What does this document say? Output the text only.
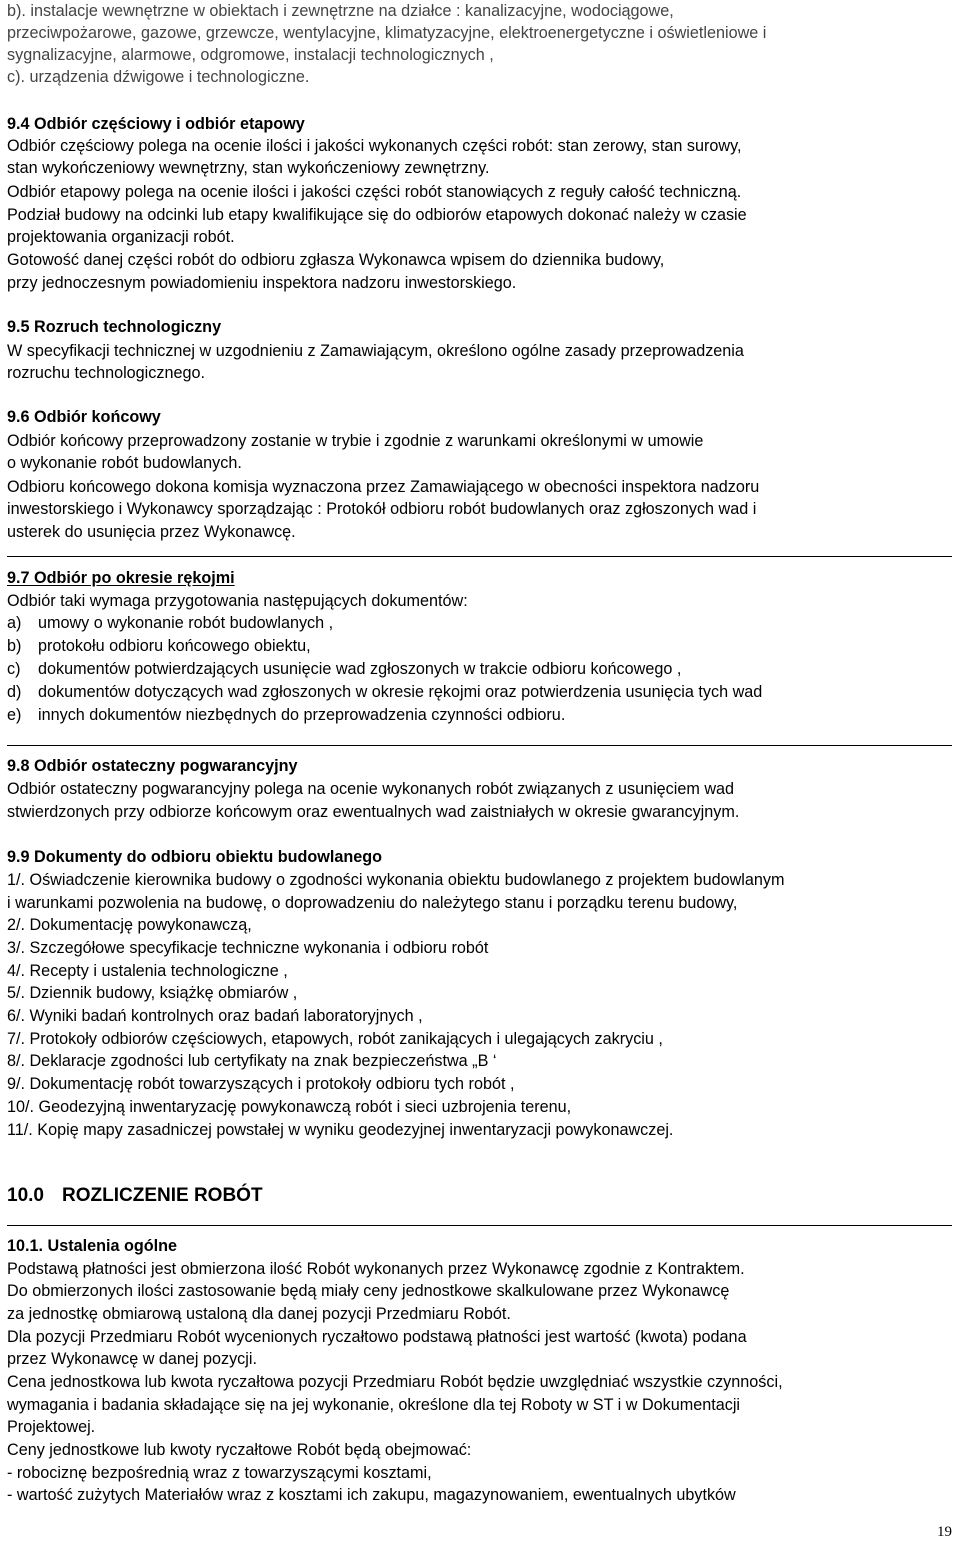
b). instalacje wewnętrzne w obiektach i zewnętrzne na działce : kanalizacyjne, wodociągowe,
przeciwpożarowe, gazowe, grzewcze, wentylacyjne, klimatyzacyjne, elektroenergetyczne i oświetleniowe i
sygnalizacyjne, alarmowe, odgromowe, instalacji technologicznych ,
c). urządzenia dźwigowe i technologiczne.
9.4 Odbiór częściowy i odbiór etapowy
Odbiór częściowy polega na ocenie ilości i jakości wykonanych części robót: stan zerowy, stan surowy,
stan wykończeniowy wewnętrzny, stan wykończeniowy zewnętrzny.
Odbiór etapowy polega na ocenie ilości i jakości części robót stanowiących z reguły całość techniczną.
Podział budowy na odcinki lub etapy kwalifikujące się do odbiorów etapowych dokonać należy w czasie
projektowania organizacji robót.
Gotowość danej części robót do odbioru zgłasza Wykonawca wpisem do dziennika budowy,
przy jednoczesnym powiadomieniu inspektora nadzoru inwestorskiego.
9.5 Rozruch technologiczny
W specyfikacji technicznej w uzgodnieniu z Zamawiającym, określono ogólne zasady przeprowadzenia
rozruchu technologicznego.
9.6 Odbiór końcowy
Odbiór końcowy przeprowadzony zostanie w trybie i zgodnie z warunkami określonymi w umowie
o wykonanie robót budowlanych.
Odbioru końcowego dokona komisja wyznaczona przez Zamawiającego w obecności inspektora nadzoru
inwestorskiego i Wykonawcy sporządzając : Protokół odbioru robót budowlanych oraz zgłoszonych wad i
usterek do usunięcia przez Wykonawcę.
9.7 Odbiór po okresie rękojmi
Odbiór taki wymaga przygotowania następujących dokumentów:
a) umowy o wykonanie robót budowlanych ,
b) protokołu odbioru końcowego obiektu,
c) dokumentów potwierdzających usunięcie wad zgłoszonych w trakcie odbioru końcowego ,
d) dokumentów dotyczących wad zgłoszonych w okresie rękojmi oraz potwierdzenia usunięcia tych wad
e) innych dokumentów niezbędnych do przeprowadzenia czynności odbioru.
9.8 Odbiór ostateczny pogwarancyjny
Odbiór ostateczny pogwarancyjny polega na ocenie wykonanych robót związanych z usunięciem wad
stwierdzonych przy odbiorze końcowym oraz ewentualnych wad zaistniałych w okresie gwarancyjnym.
9.9 Dokumenty do odbioru obiektu budowlanego
1/. Oświadczenie kierownika budowy o zgodności wykonania obiektu budowlanego z projektem budowlanym
i warunkami pozwolenia na budowę, o doprowadzeniu do należytego stanu i porządku terenu budowy,
2/. Dokumentację powykonawczą,
3/. Szczegółowe specyfikacje techniczne wykonania i odbioru robót
4/. Recepty i ustalenia technologiczne ,
5/. Dziennik budowy, książkę obmiarów ,
6/. Wyniki badań kontrolnych oraz badań laboratoryjnych ,
7/. Protokoły odbiorów częściowych, etapowych, robót zanikających i ulegających zakryciu ,
8/. Deklaracje zgodności lub certyfikaty na znak bezpieczeństwa „B ‘
9/. Dokumentację robót towarzyszących i protokoły odbioru tych robót ,
10/. Geodezyjną inwentaryzację powykonawczą robót i sieci uzbrojenia terenu,
11/. Kopię mapy zasadniczej powstałej w wyniku geodezyjnej inwentaryzacji powykonawczej.
10.0 ROZLICZENIE ROBÓT
10.1. Ustalenia ogólne
Podstawą płatności jest obmierzona ilość Robót wykonanych przez Wykonawcę zgodnie z Kontraktem.
Do obmierzonych ilości zastosowanie będą miały ceny jednostkowe skalkulowane przez Wykonawcę
za jednostkę obmiarową ustaloną dla danej pozycji Przedmiaru Robót.
Dla pozycji Przedmiaru Robót wycenionych ryczałtowo podstawą płatności jest wartość (kwota) podana
przez Wykonawcę w danej pozycji.
Cena jednostkowa lub kwota ryczałtowa pozycji Przedmiaru Robót będzie uwzględniać wszystkie czynności,
wymagania i badania składające się na jej wykonanie, określone dla tej Roboty w ST i w Dokumentacji
Projektowej.
Ceny jednostkowe lub kwoty ryczałtowe Robót będą obejmować:
- robociznę bezpośrednią wraz z towarzyszącymi kosztami,
- wartość zużytych Materiałów wraz z kosztami ich zakupu, magazynowaniem, ewentualnych ubytków
19
